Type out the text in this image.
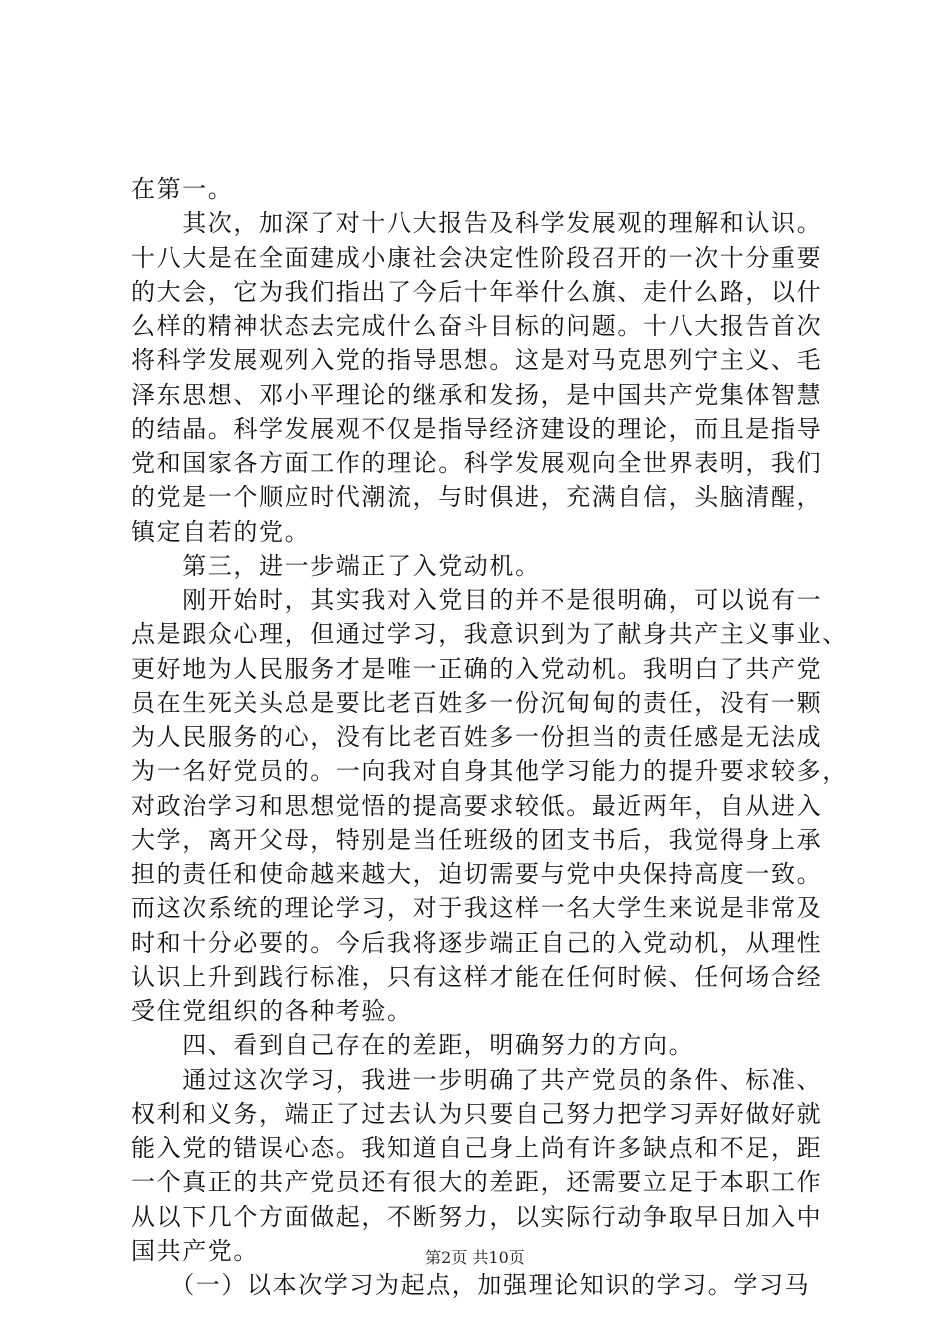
在第一。
　　其次，加深了对十八大报告及科学发展观的理解和认识。
十八大是在全面建成小康社会决定性阶段召开的一次十分重要
的大会，它为我们指出了今后十年举什么旗、走什么路，以什
么样的精神状态去完成什么奋斗目标的问题。十八大报告首次
将科学发展观列入党的指导思想。这是对马克思列宁主义、毛
泽东思想、邓小平理论的继承和发扬，是中国共产党集体智慧
的结晶。科学发展观不仅是指导经济建设的理论，而且是指导
党和国家各方面工作的理论。科学发展观向全世界表明，我们
的党是一个顺应时代潮流，与时俱进，充满自信，头脑清醒，
镇定自若的党。
　　第三，进一步端正了入党动机。
　　刚开始时，其实我对入党目的并不是很明确，可以说有一
点是跟众心理，但通过学习，我意识到为了献身共产主义事业、
更好地为人民服务才是唯一正确的入党动机。我明白了共产党
员在生死关头总是要比老百姓多一份沉甸甸的责任，没有一颗
为人民服务的心，没有比老百姓多一份担当的责任感是无法成
为一名好党员的。一向我对自身其他学习能力的提升要求较多，
对政治学习和思想觉悟的提高要求较低。最近两年，自从进入
大学，离开父母，特别是当任班级的团支书后，我觉得身上承
担的责任和使命越来越大，迫切需要与党中央保持高度一致。
而这次系统的理论学习，对于我这样一名大学生来说是非常及
时和十分必要的。今后我将逐步端正自己的入党动机，从理性
认识上升到践行标准，只有这样才能在任何时候、任何场合经
受住党组织的各种考验。
　　四、看到自己存在的差距，明确努力的方向。
　　通过这次学习，我进一步明确了共产党员的条件、标准、
权利和义务，端正了过去认为只要自己努力把学习弄好做好就
能入党的错误心态。我知道自己身上尚有许多缺点和不足，距
一个真正的共产党员还有很大的差距，还需要立足于本职工作
从以下几个方面做起，不断努力，以实际行动争取早日加入中
国共产党。
　　（一）以本次学习为起点，加强理论知识的学习。学习马
第2页 共10页
